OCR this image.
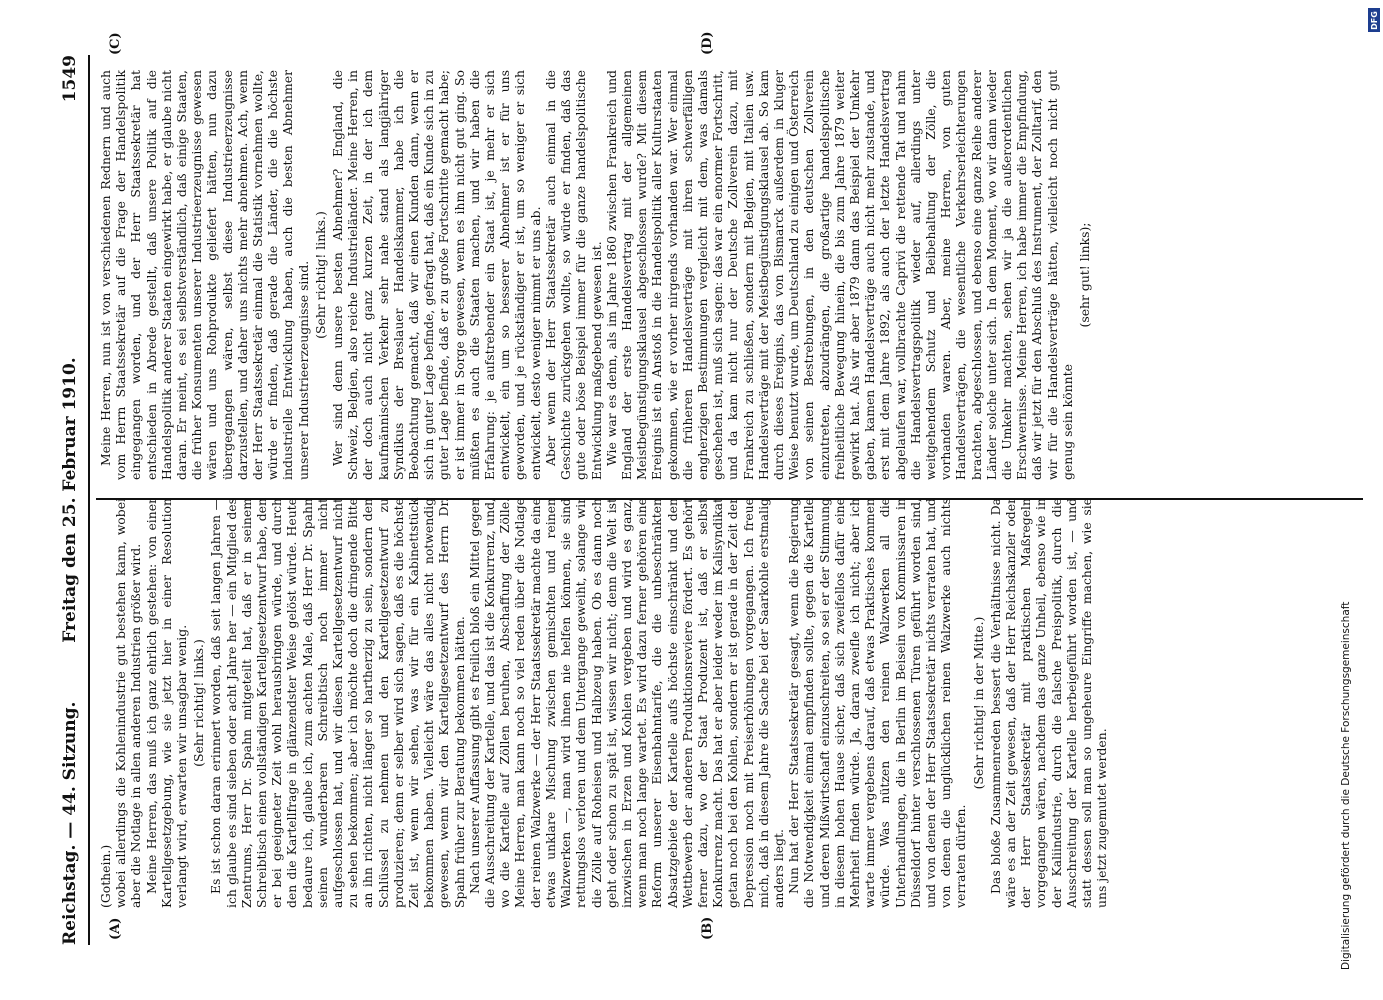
Reichstag. — 44. Sitzung.
Freitag den 25. Februar 1910.
1549
(A)	(B)
(C)	(D)

(Gothein.) wobei allerdings die Kohlenindustrie gut bestehen kann, wobei aber die Notlage in allen anderen Industrien größer wird. Meine Herren, das muß ich ganz ehrlich gestehen: von einer Kartellgesetzgebung, wie sie jetzt hier in einer Resolution verlangt wird, erwarten wir unsagbar wenig. (Sehr richtig! links.) Es ist schon daran erinnert worden, daß seit langen Jahren — ich glaube es sind sieben oder acht Jahre her — ein Mitglied des Zentrums, Herr Dr. Spahn mitgeteilt hat, daß er in seinem Schreibtisch einen vollständigen Kartellgesetzentwurf habe, den er bei geeigneter Zeit wohl herausbringen würde, und durch den die Kartellfrage in glänzendster Weise gelöst würde. Heute bedaure ich, glaube ich, zum achten Male, daß Herr Dr. Spahn seinen wunderbaren Schreibtisch noch immer nicht aufgeschlossen hat, und wir diesen Kartellgesetzentwurf nicht zu sehen bekommen; aber ich möchte doch die dringende Bitte an ihn richten, nicht länger so hartherzig zu sein, sondern den Schlüssel zu nehmen und den Kartellgesetzentwurf zu produzieren; denn er selber wird sich sagen, daß es die höchste Zeit ist, wenn wir sehen, was wir für ein Kabinettstück bekommen haben. Vielleicht wäre das alles nicht notwendig gewesen, wenn wir den Kartellgesetzentwurf des Herrn Dr. Spahn früher zur Beratung bekommen hätten. Nach unserer Auffassung gibt es freilich bloß ein Mittel gegen die Ausschreitung der Kartelle, und das ist die Konkurrenz, und, wo die Kartelle auf Zöllen beruhen, Abschaffung der Zölle. Meine Herren, man kann noch so viel reden über die Notlage der reinen Walzwerke — der Herr Staatssekretär machte da eine etwas unklare Mischung zwischen gemischten und reinen Walzwerken —, man wird ihnen nie helfen können, sie sind rettungslos verloren und dem Untergange geweiht, solange wir die Zölle auf Roheisen und Halbzeug haben. Ob es dann noch geht oder schon zu spät ist, wissen wir nicht; denn die Welt ist inzwischen in Erzen und Kohlen vergeben und wird es ganz, wenn man noch lange wartet. Es wird dazu ferner gehören eine Reform unserer Eisenbahntarife, die die unbeschränkten Absatzgebiete der Kartelle aufs höchste einschränkt und den Wettbewerb der anderen Produktionsreviere fördert. Es gehört ferner dazu, wo der Staat Produzent ist, daß er selbst Konkurrenz macht. Das hat er aber leider weder im Kalisyndikat getan noch bei den Kohlen, sondern er ist gerade in der Zeit der Depression noch mit Preiserhöhungen vorgegangen. Ich freue mich, daß in diesem Jahre die Sache bei der Saarkohle erstmalig anders liegt. Nun hat der Herr Staatssekretär gesagt, wenn die Regierung die Notwendigkeit einmal empfinden sollte, gegen die Kartelle und deren Mißwirtschaft einzuschreiten, so sei er der Stimmung in diesem hohen Hause sicher, daß sich zweifellos dafür eine Mehrheit finden würde. Ja, daran zweifle ich nicht; aber ich warte immer vergebens darauf, daß etwas Praktisches kommen würde. Was nützen den reinen Walzwerken all die Unterhandlungen, die in Berlin im Beisein von Kommissaren in Düsseldorf hinter verschlossenen Türen geführt worden sind, und von denen der Herr Staatssekretär nichts verraten hat, und von denen die unglücklichen reinen Walzwerke auch nichts verraten dürfen.

(Sehr richtig! in der Mitte.) Das bloße Zusammenreden bessert die Verhältnisse nicht. Da wäre es an der Zeit gewesen, daß der Herr Reichskanzler oder der Herr Staatssekretär mit praktischen Maßregeln vorgegangen wären, nachdem das ganze Unheil, ebenso wie in der Kaliindustrie, durch die falsche Preispolitik, durch die Ausschreitung der Kartelle herbeigeführt worden ist, — und statt dessen soll man so ungeheure Eingriffe machen, wie sie uns jetzt zugemutet werden.

Meine Herren, nun ist von verschiedenen Rednern und auch vom Herrn Staatssekretär auf die Frage der Handelspolitik eingegangen worden, und der Herr Staatssekretär hat entschieden in Abrede gestellt, daß unsere Politik auf die Handelspolitik anderer Staaten eingewirkt habe, er glaube nicht daran. Er meint, es sei selbstverständlich, daß einige Staaten, die früher Konsumenten unserer Industrieerzeugnisse gewesen wären und uns Rohprodukte geliefert hätten, nun dazu übergegangen wären, selbst diese Industrieerzeugnisse darzustellen, und daher uns nichts mehr abnehmen. Ach, wenn der Herr Staatssekretär einmal die Statistik vornehmen wollte, würde er finden, daß gerade die Länder, die die höchste industrielle Entwicklung haben, auch die besten Abnehmer unserer Industrieerzeugnisse sind. (Sehr richtig! links.) Wer sind denn unsere besten Abnehmer? England, die Schweiz, Belgien, also reiche Industrieländer. Meine Herren, in der doch auch nicht ganz kurzen Zeit, in der ich dem kaufmännischen Verkehr sehr nahe stand als langjähriger Syndikus der Breslauer Handelskammer, habe ich die Beobachtung gemacht, daß wir einen Kunden dann, wenn er sich in guter Lage befinde, gefragt hat, daß ein Kunde sich in zu guter Lage befinde, daß er zu große Fortschritte gemacht habe; er ist immer in Sorge gewesen, wenn es ihm nicht gut ging. So müßten es auch die Staaten machen, und wir haben die Erfahrung: je aufstrebender ein Staat ist, je mehr er sich entwickelt, ein um so besserer Abnehmer ist er für uns geworden, und je rückständiger er ist, um so weniger er sich entwickelt, desto weniger nimmt er uns ab. Aber wenn der Herr Staatssekretär auch einmal in die Geschichte zurückgehen wollte, so würde er finden, daß das gute oder böse Beispiel immer für die ganze handelspolitische Entwicklung maßgebend gewesen ist. Wie war es denn, als im Jahre 1860 zwischen Frankreich und England der erste Handelsvertrag mit der allgemeinen Meistbegünstigungsklausel abgeschlossen wurde? Mit diesem Ereignis ist ein Anstoß in die Handelspolitik aller Kulturstaaten gekommen, wie er vorher nirgends vorhanden war. Wer einmal die früheren Handelsverträge mit ihren schwerfälligen engherzigen Bestimmungen vergleicht mit dem, was damals geschehen ist, muß sich sagen: das war ein enormer Fortschritt, und da kam nicht nur der Deutsche Zollverein dazu, mit Frankreich zu schließen, sondern mit Belgien, mit Italien usw. Handelsverträge mit der Meistbegünstigungsklausel ab. So kam durch dieses Ereignis, das von Bismarck außerdem in kluger Weise benutzt wurde, um Deutschland zu einigen und Österreich von seinen Bestrebungen, in den deutschen Zollverein einzutreten, abzudrängen, die großartige handelspolitische freiheitliche Bewegung hinein, die bis zum Jahre 1879 weiter gewirkt hat. Als wir aber 1879 dann das Beispiel der Umkehr gaben, kamen Handelsverträge auch nicht mehr zustande, und erst mit dem Jahre 1892, als auch der letzte Handelsvertrag abgelaufen war, vollbrachte Caprivi die rettende Tat und nahm die Handelsvertragspolitik wieder auf, allerdings unter weitgehendem Schutz und Beibehaltung der Zölle, die vorhanden waren. Aber, meine Herren, von guten Handelsverträgen, die wesentliche Verkehrserleichterungen brachten, abgeschlossen, und ebenso eine ganze Reihe anderer Länder solche unter sich. In dem Moment, wo wir dann wieder die Umkehr machten, sehen wir ja die außerordentlichen Erschwernisse. Meine Herren, ich habe immer die Empfindung, daß wir jetzt für den Abschluß des Instrument, der Zolltarif, den wir für die Handelsverträge hätten, vielleicht noch nicht gut genug sein könnte

(sehr gut! links);

DFG
Digitalisierung gefördert durch die Deutsche Forschungsgemeinschaft
